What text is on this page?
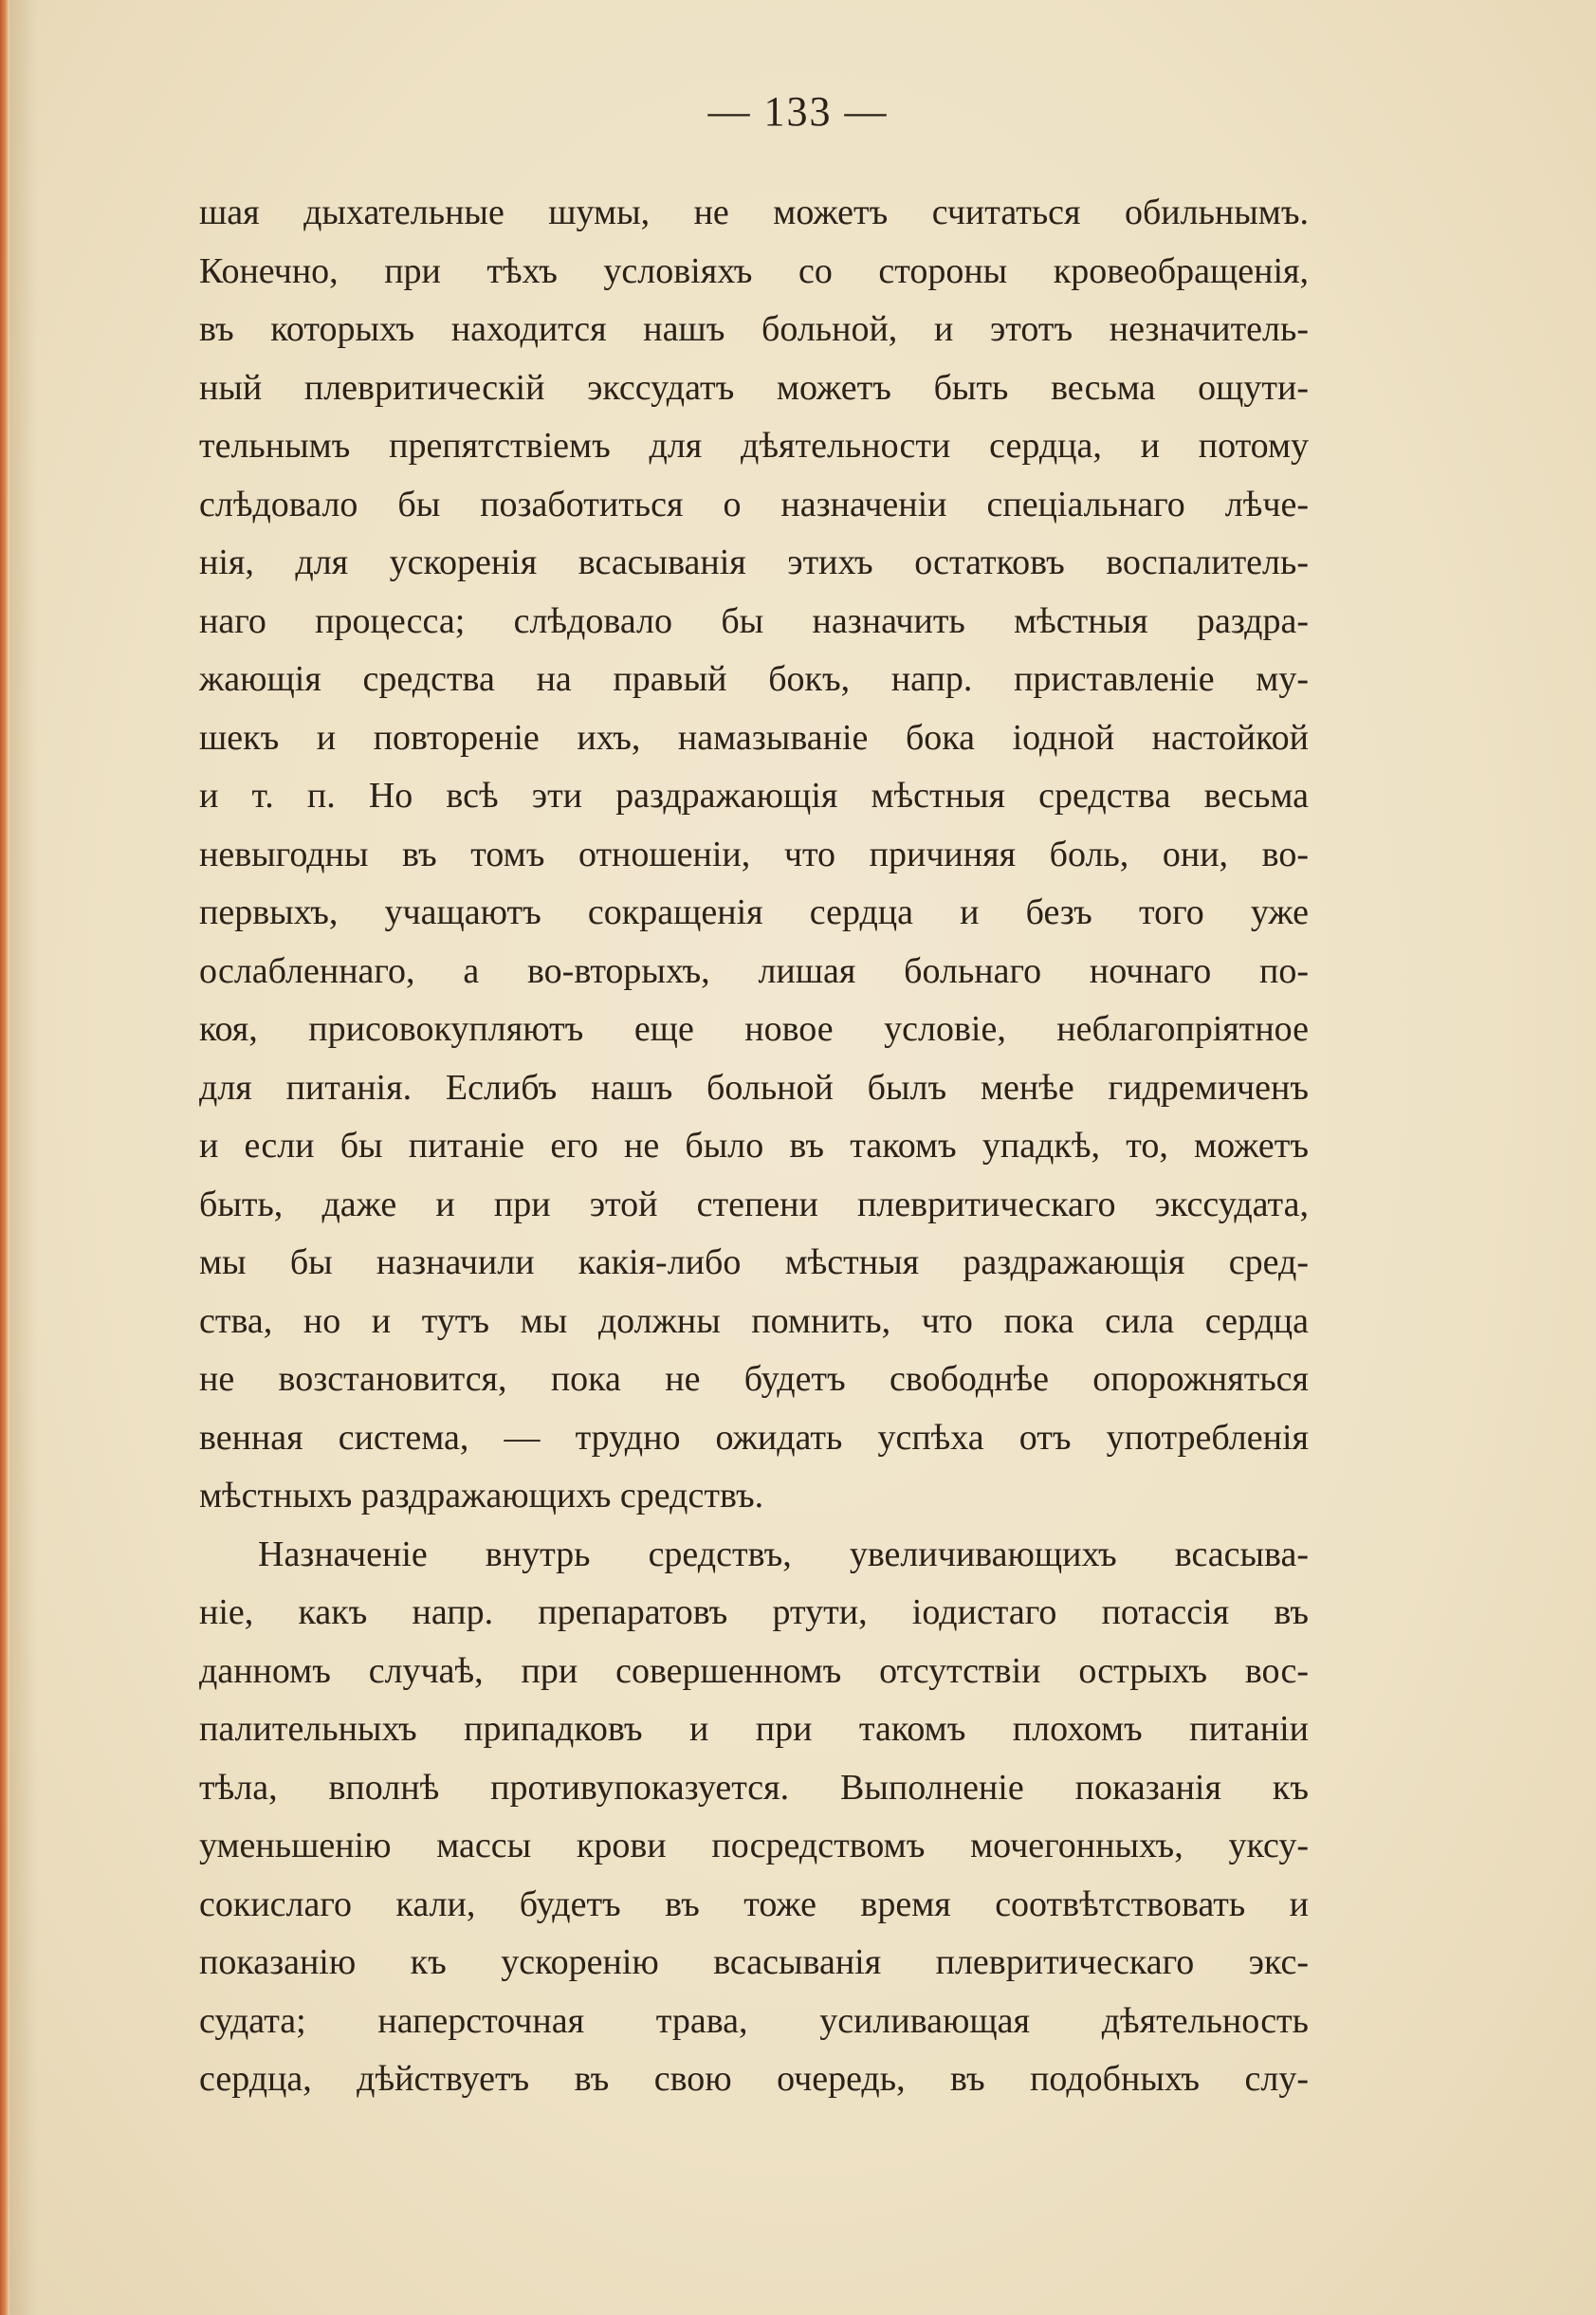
— 133 —
шая дыхательные шумы, не можетъ считаться обильнымъ.
Конечно, при тѣхъ условіяхъ со стороны кровеобращенія,
въ которыхъ находится нашъ больной, и этотъ незначитель-
ный плевритическій экссудатъ можетъ быть весьма ощути-
тельнымъ препятствіемъ для дѣятельности сердца, и потому
слѣдовало бы позаботиться о назначеніи спеціальнаго лѣче-
нія, для ускоренія всасыванія этихъ остатковъ воспалитель-
наго процесса; слѣдовало бы назначить мѣстныя раздра-
жающія средства на правый бокъ, напр. приставленіе му-
шекъ и повтореніе ихъ, намазываніе бока іодной настойкой
и т. п. Но всѣ эти раздражающія мѣстныя средства весьма
невыгодны въ томъ отношеніи, что причиняя боль, они, во-
первыхъ, учащаютъ сокращенія сердца и безъ того уже
ослабленнаго, а во-вторыхъ, лишая больнаго ночнаго по-
коя, присовокупляютъ еще новое условіе, неблагопріятное
для питанія. Еслибъ нашъ больной былъ менѣе гидремиченъ
и если бы питаніе его не было въ такомъ упадкѣ, то, можетъ
быть, даже и при этой степени плевритическаго экссудата,
мы бы назначили какія-либо мѣстныя раздражающія сред-
ства, но и тутъ мы должны помнить, что пока сила сердца
не возстановится, пока не будетъ свободнѣе опорожняться
венная система, — трудно ожидать успѣха отъ употребленія
мѣстныхъ раздражающихъ средствъ.
Назначеніе внутрь средствъ, увеличивающихъ всасыва-
ніе, какъ напр. препаратовъ ртути, іодистаго потассія въ
данномъ случаѣ, при совершенномъ отсутствіи острыхъ вос-
палительныхъ припадковъ и при такомъ плохомъ питаніи
тѣла, вполнѣ противупоказуется. Выполненіе показанія къ
уменьшенію массы крови посредствомъ мочегонныхъ, уксу-
сокислаго кали, будетъ въ тоже время соотвѣтствовать и
показанію къ ускоренію всасыванія плевритическаго экс-
судата; наперсточная трава, усиливающая дѣятельность
сердца, дѣйствуетъ въ свою очередь, въ подобныхъ слу-
